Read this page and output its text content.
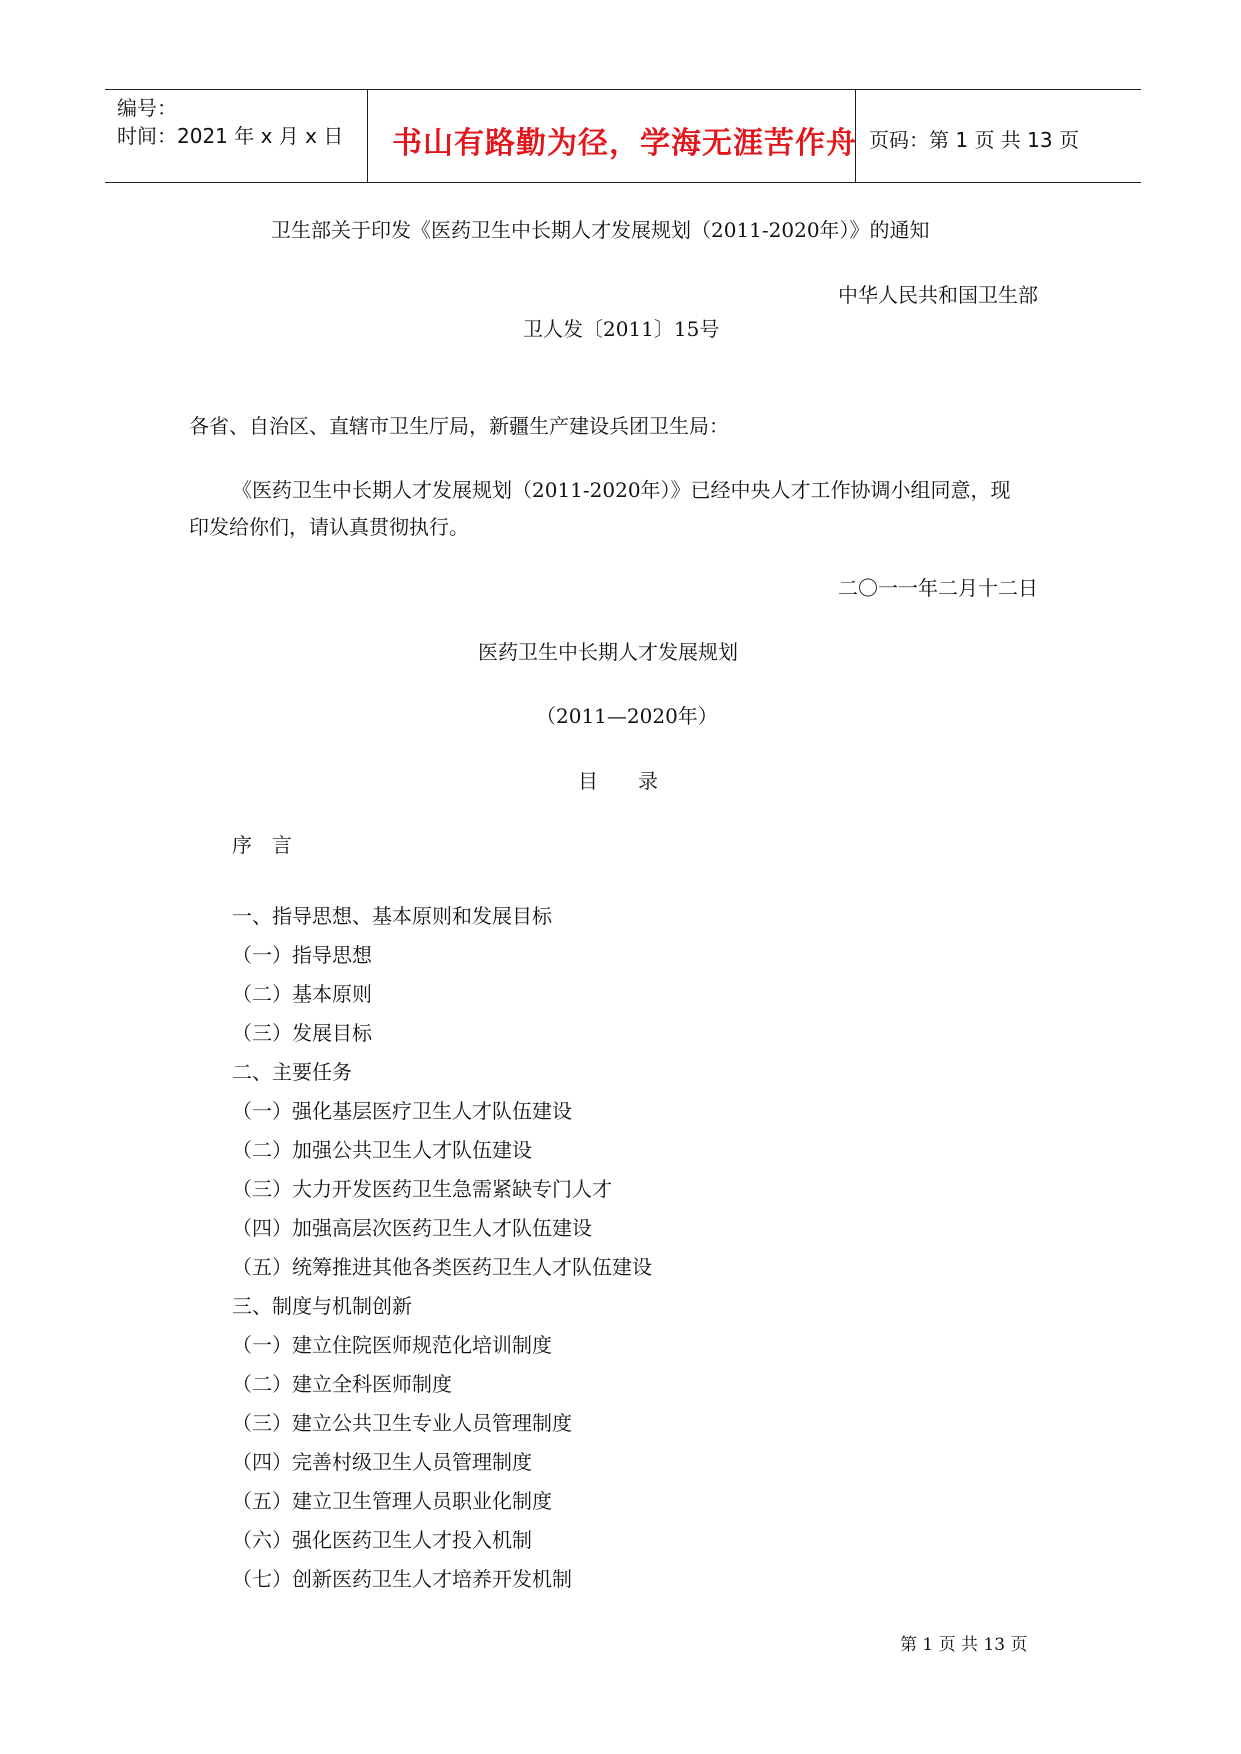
编号：
时间：2021 年 x 月 x 日 书山有路勤为径，学海无涯苦作舟 页码：第 1 页 共 13 页
卫生部关于印发《医药卫生中长期人才发展规划（2011-2020年）》的通知
中华人民共和国卫生部
卫人发〔2011〕15号
各省、自治区、直辖市卫生厅局，新疆生产建设兵团卫生局：
《医药卫生中长期人才发展规划（2011-2020年）》已经中央人才工作协调小组同意，现
印发给你们，请认真贯彻执行。
二〇一一年二月十二日
医药卫生中长期人才发展规划
（2011—2020年）
目　　录
序　言
一、指导思想、基本原则和发展目标
（一）指导思想
（二）基本原则
（三）发展目标
二、主要任务
（一）强化基层医疗卫生人才队伍建设
（二）加强公共卫生人才队伍建设
（三）大力开发医药卫生急需紧缺专门人才
（四）加强高层次医药卫生人才队伍建设
（五）统筹推进其他各类医药卫生人才队伍建设
三、制度与机制创新
（一）建立住院医师规范化培训制度
（二）建立全科医师制度
（三）建立公共卫生专业人员管理制度
（四）完善村级卫生人员管理制度
（五）建立卫生管理人员职业化制度
（六）强化医药卫生人才投入机制
（七）创新医药卫生人才培养开发机制
第 1 页 共 13 页
